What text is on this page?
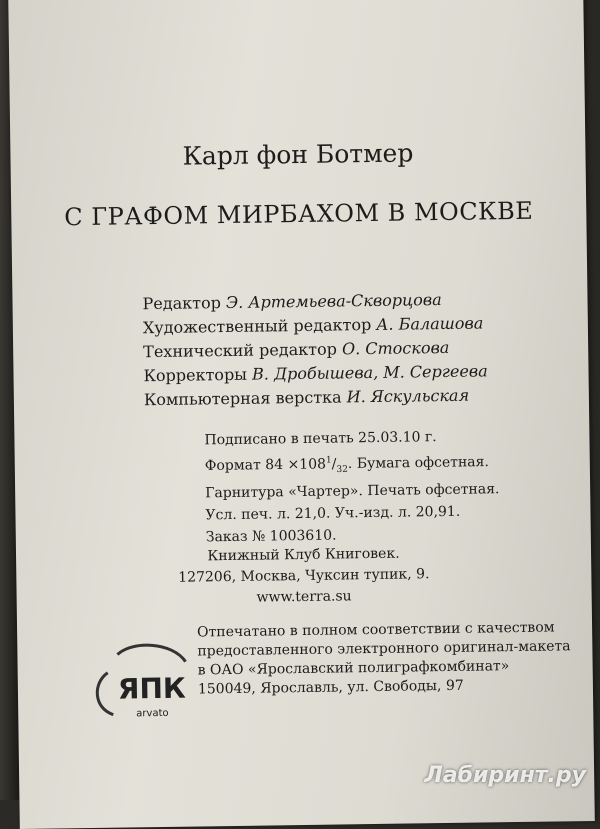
Карл фон Ботмер
С ГРАФОМ МИРБАХОМ В МОСКВЕ
Редактор Э. Артемьева-Скворцова
Художественный редактор А. Балашова
Технический редактор О. Стоскова
Корректоры В. Дробышева, М. Сергеева
Компьютерная верстка И. Яскульская
Подписано в печать 25.03.10 г.
Формат $84 \times 108^1/_{32}$. Бумага офсетная.
Гарнитура «Чартер». Печать офсетная.
Усл. печ. л. 21,0. Уч.-изд. л. 20,91.
Заказ № 1003610.
Книжный Клуб Книговек.
127206, Москва, Чуксин тупик, 9.
www.terra.su
ЯПК
arvato
Отпечатано в полном соответствии с качеством
предоставленного электронного оригинал-макета
в ОАО «Ярославский полиграфкомбинат»
150049, Ярославль, ул. Свободы, 97
Лабиринт.ру
